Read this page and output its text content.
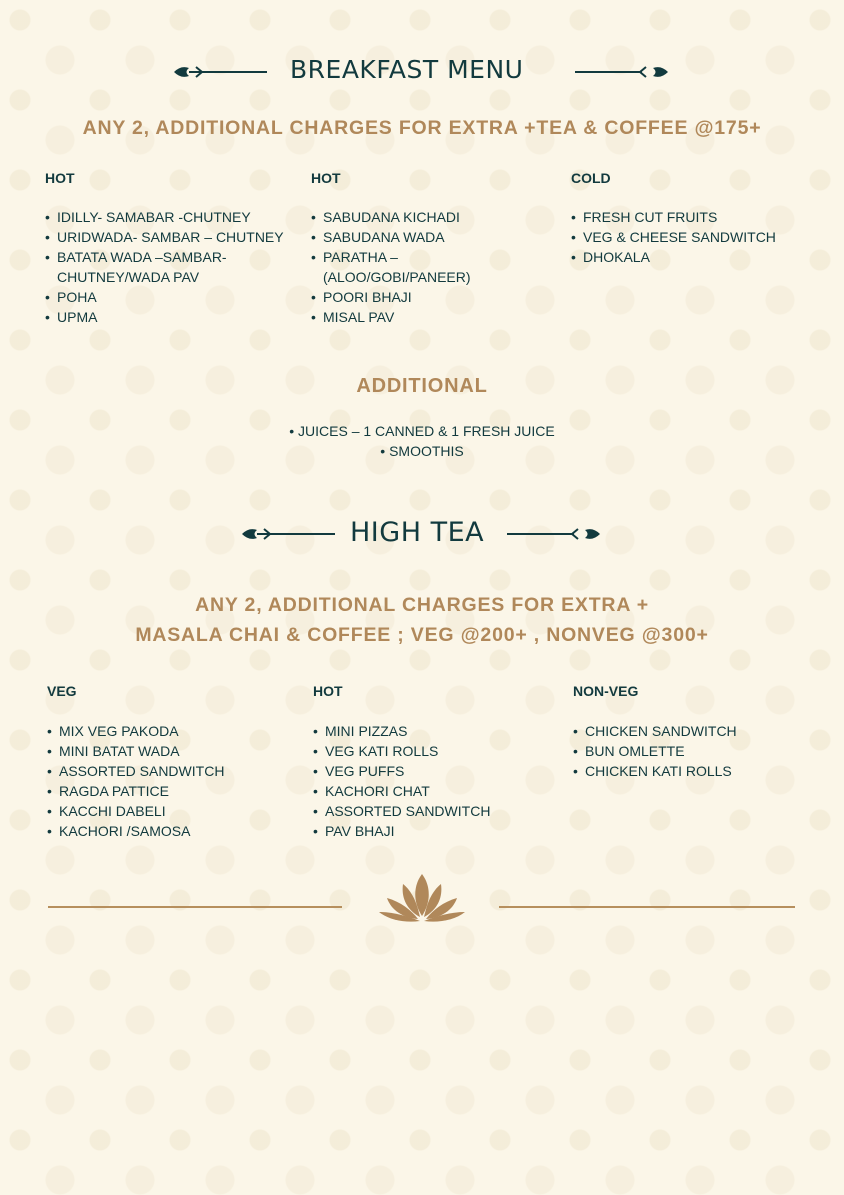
BREAKFAST MENU
ANY 2, ADDITIONAL CHARGES FOR EXTRA +TEA & COFFEE @175+
HOT
• IDILLY- SAMABAR -CHUTNEY
• URIDWADA- SAMBAR – CHUTNEY
• BATATA WADA –SAMBAR-CHUTNEY/WADA PAV
• POHA
• UPMA
HOT
• SABUDANA KICHADI
• SABUDANA WADA
• PARATHA – (ALOO/GOBI/PANEER)
• POORI BHAJI
• MISAL PAV
COLD
• FRESH CUT FRUITS
• VEG & CHEESE SANDWITCH
• DHOKALA
ADDITIONAL
• JUICES – 1 CANNED & 1 FRESH JUICE
• SMOOTHIS
HIGH TEA
ANY 2, ADDITIONAL CHARGES FOR EXTRA +
MASALA CHAI & COFFEE ; VEG @200+ , NONVEG @300+
VEG
• MIX VEG PAKODA
• MINI BATAT WADA
• ASSORTED SANDWITCH
• RAGDA PATTICE
• KACCHI DABELI
• KACHORI /SAMOSA
HOT
• MINI PIZZAS
• VEG KATI ROLLS
• VEG PUFFS
• KACHORI CHAT
• ASSORTED SANDWITCH
• PAV BHAJI
NON-VEG
• CHICKEN SANDWITCH
• BUN OMLETTE
• CHICKEN KATI ROLLS
